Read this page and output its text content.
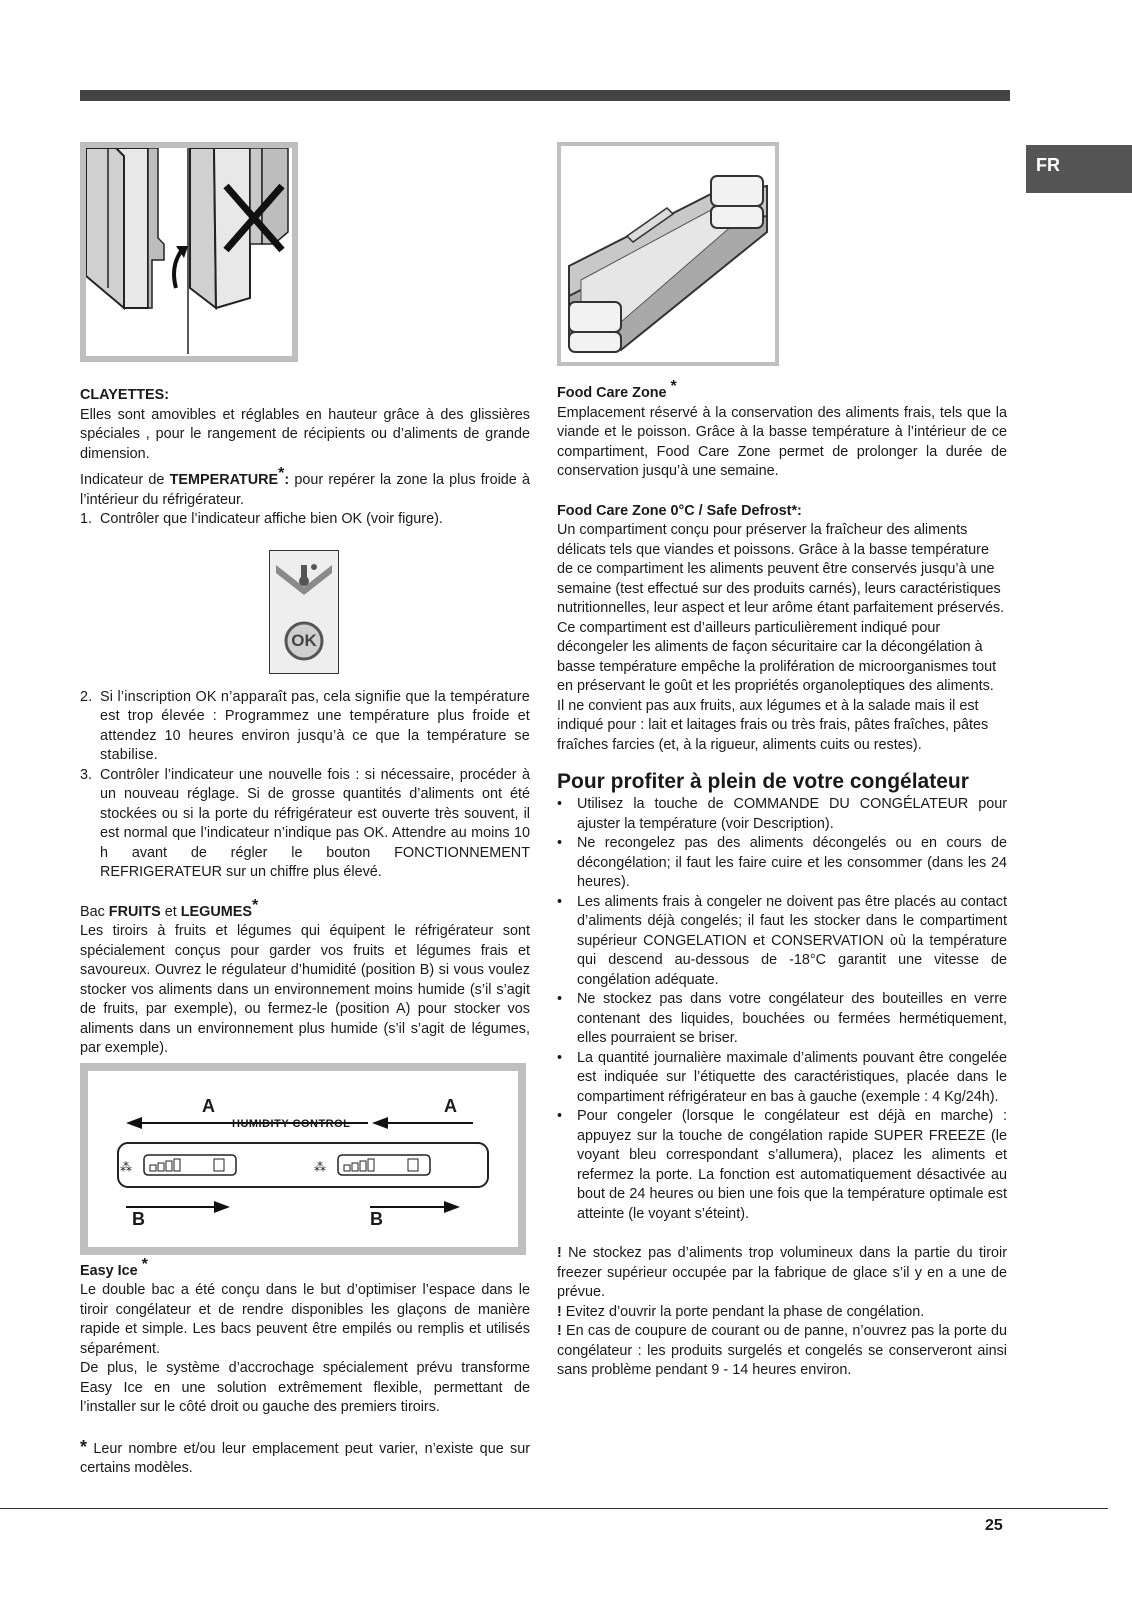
FR

CLAYETTES:

Elles sont amovibles et réglables en hauteur grâce à des glissières spéciales , pour le rangement de récipients ou d’aliments de grande dimension.

Indicateur de TEMPERATURE*: pour repérer la zone la plus froide à l’intérieur du réfrigérateur.

1. Contrôler que l’indicateur affiche bien OK (voir figure).
OK
2. Si l’inscription OK n’apparaît pas, cela signifie que la température est trop élevée : Programmez une température plus froide et attendez 10 heures environ jusqu’à ce que la température se stabilise.
3. Contrôler l’indicateur une nouvelle fois : si nécessaire, procéder à un nouveau réglage. Si de grosse quantités d’aliments ont été stockées ou si la porte du réfrigérateur est ouverte très souvent, il est normal que l’indicateur n’indique pas OK. Attendre au moins 10 h avant de régler le bouton FONCTIONNEMENT REFRIGERATEUR sur un chiffre plus élevé.

Bac FRUITS et LEGUMES*

Les tiroirs à fruits et légumes qui équipent le réfrigérateur sont spécialement conçus pour garder vos fruits et légumes frais et savoureux. Ouvrez le régulateur d’humidité (position B) si vous voulez stocker vos aliments dans un environnement moins humide (s’il s’agit de fruits, par exemple), ou fermez-le (position A) pour stocker vos aliments dans un environnement plus humide (s’il s’agit de légumes, par exemple).

⁂	⁂
A	A
HUMIDITY CONTROL
B	B

Easy Ice *

Le double bac a été conçu dans le but d’optimiser l’espace dans le tiroir congélateur et de rendre disponibles les glaçons de manière rapide et simple. Les bacs peuvent être empilés ou remplis et utilisés séparément.

De plus, le système d’accrochage spécialement prévu transforme Easy Ice en une solution extrêmement flexible, permettant de l’installer sur le côté droit ou gauche des premiers tiroirs.

* Leur nombre et/ou leur emplacement peut varier, n’existe que sur certains modèles.

Food Care Zone *

Emplacement réservé à la conservation des aliments frais, tels que la viande et le poisson. Grâce à la basse température à l’intérieur de ce compartiment, Food Care Zone permet de prolonger la durée de conservation jusqu’à une semaine.

Food Care Zone 0°C / Safe Defrost*:

Un compartiment conçu pour préserver la fraîcheur des aliments délicats tels que viandes et poissons. Grâce à la basse température de ce compartiment les aliments peuvent être conservés jusqu’à une semaine (test effectué sur des produits carnés), leurs caractéristiques nutritionnelles, leur aspect et leur arôme étant parfaitement préservés.

Ce compartiment est d’ailleurs particulièrement indiqué pour décongeler les aliments de façon sécuritaire car la décongélation à basse température empêche la prolifération de microorganismes tout en préservant le goût et les propriétés organoleptiques des aliments.

Il ne convient pas aux fruits, aux légumes et à la salade mais il est indiqué pour : lait et laitages frais ou très frais, pâtes fraîches, pâtes fraîches farcies (et, à la rigueur, aliments cuits ou restes).

Pour profiter à plein de votre congélateur

• Utilisez la touche de COMMANDE DU CONGÉLATEUR pour ajuster la température (voir Description).
• Ne recongelez pas des aliments décongelés ou en cours de décongélation; il faut les faire cuire et les consommer (dans les 24 heures).
• Les aliments frais à congeler ne doivent pas être placés au contact d’aliments déjà congelés; il faut les stocker dans le compartiment supérieur CONGELATION et CONSERVATION où la température qui descend au-dessous de -18°C garantit une vitesse de congélation adéquate.
• Ne stockez pas dans votre congélateur des bouteilles en verre contenant des liquides, bouchées ou fermées hermétiquement, elles pourraient se briser.
• La quantité journalière maximale d’aliments pouvant être congelée est indiquée sur l’étiquette des caractéristiques, placée dans le compartiment réfrigérateur en bas à gauche (exemple : 4 Kg/24h).
• Pour congeler (lorsque le congélateur est déjà en marche) : appuyez sur la touche de congélation rapide SUPER FREEZE (le voyant bleu correspondant s’allumera), placez les aliments et refermez la porte. La fonction est automatiquement désactivée au bout de 24 heures ou bien une fois que la température optimale est atteinte (le voyant s’éteint).

! Ne stockez pas d’aliments trop volumineux dans la partie du tiroir freezer supérieur occupée par la fabrique de glace s’il y en a une de prévue.

! Evitez d’ouvrir la porte pendant la phase de congélation.

! En cas de coupure de courant ou de panne, n’ouvrez pas la porte du congélateur : les produits surgelés et congelés se conserveront ainsi sans problème pendant 9 - 14 heures environ.

25
